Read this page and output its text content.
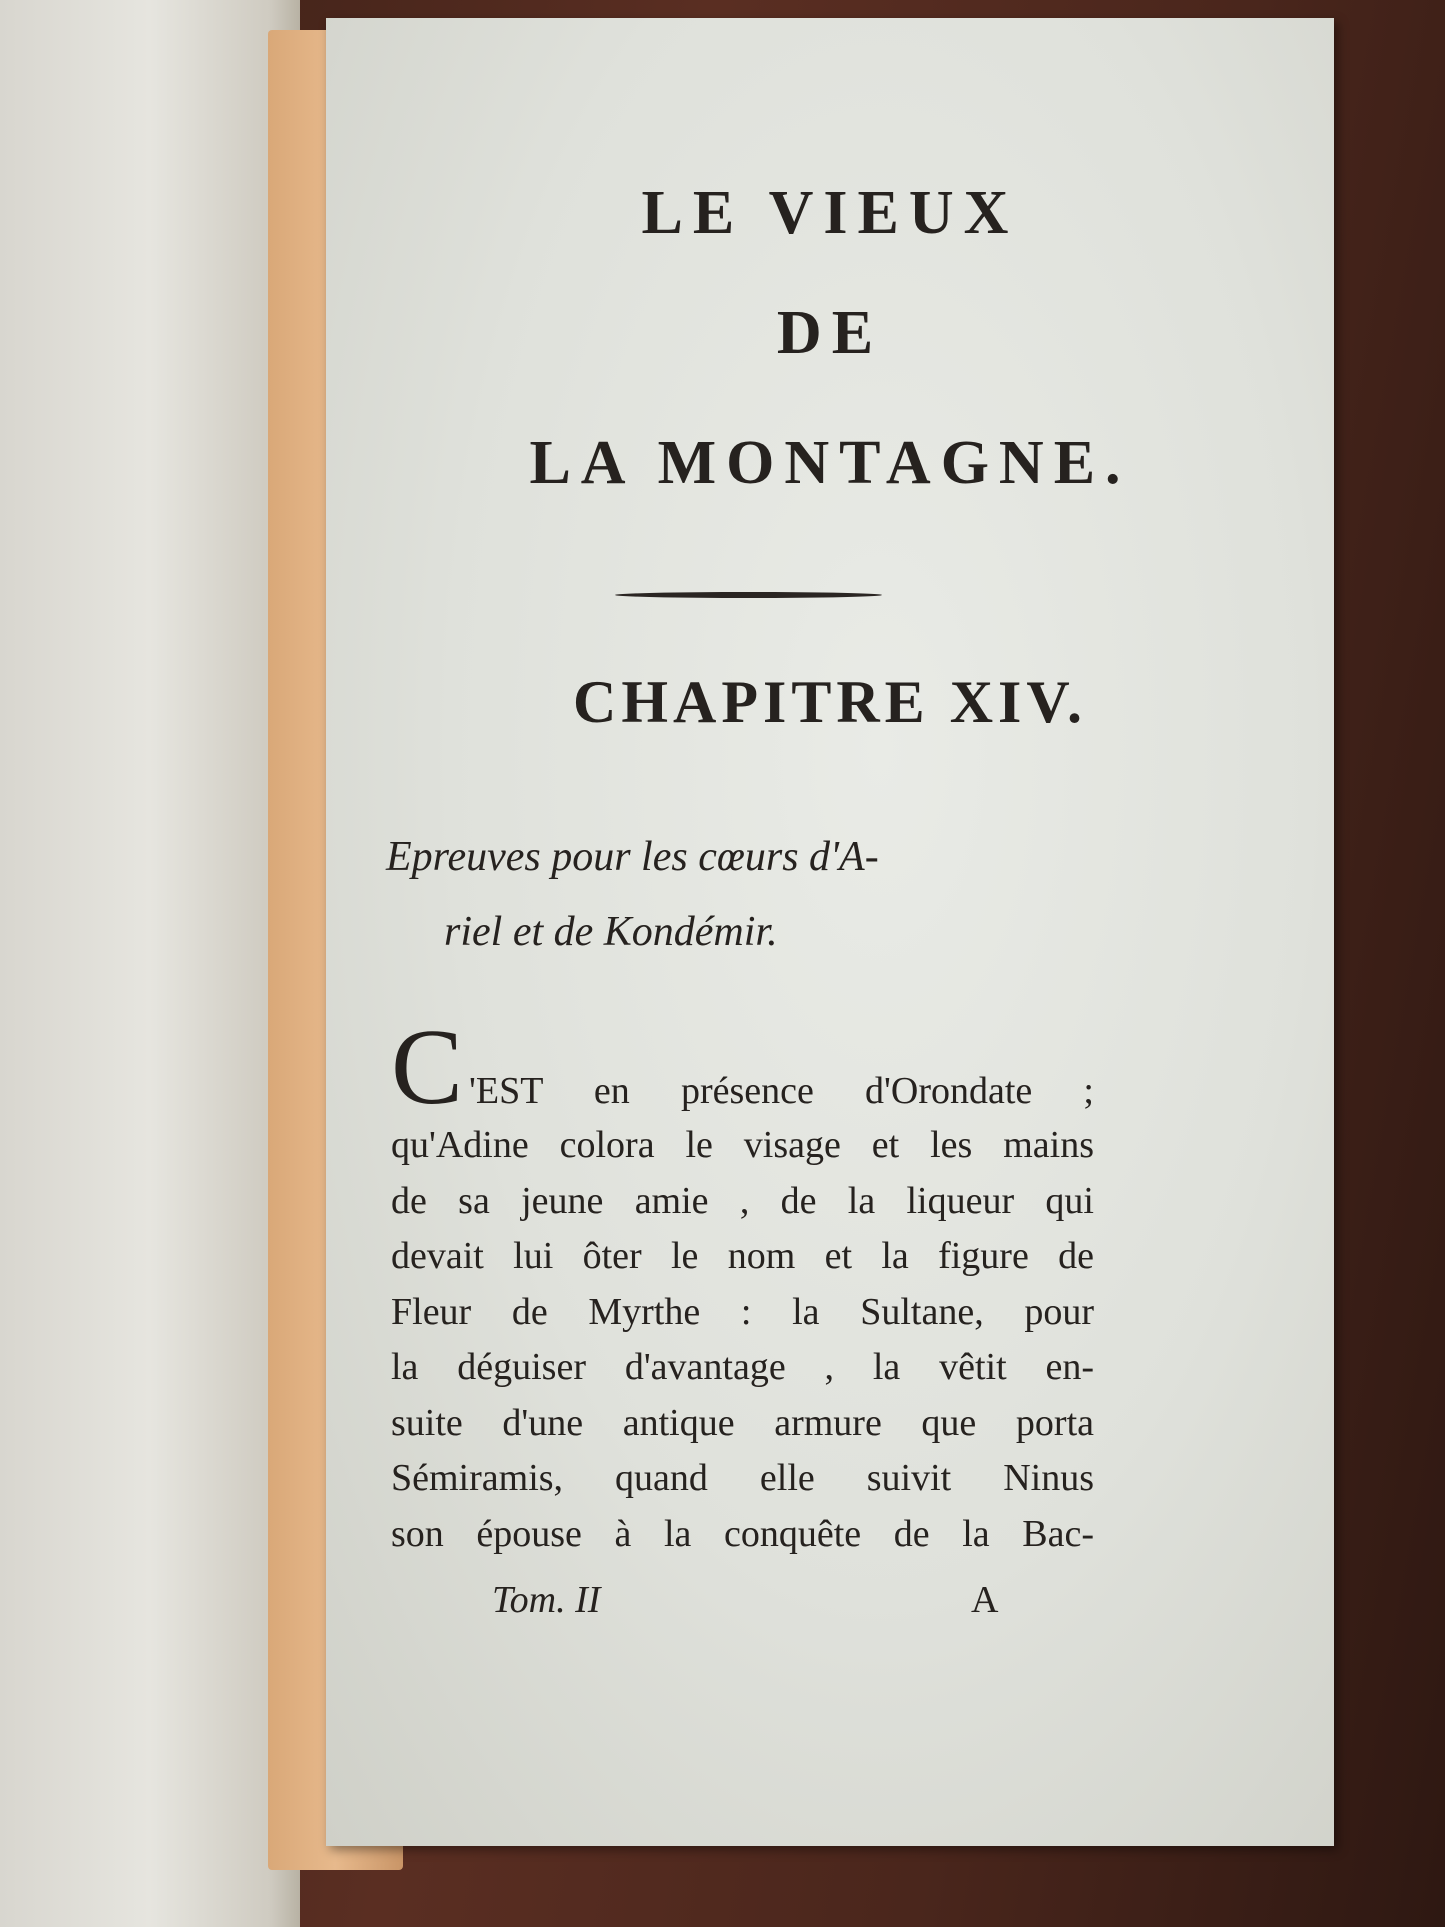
LE VIEUX
DE
LA MONTAGNE.
CHAPITRE XIV.
Epreuves pour les cœurs d'A-
riel et de Kondémir.
C 'EST en présence d'Orondate ;
qu'Adine colora le visage et les mains
de sa jeune amie , de la liqueur qui
devait lui ôter le nom et la figure de
Fleur de Myrthe : la Sultane, pour
la déguiser d'avantage , la vêtit en-
suite d'une antique armure que porta
Sémiramis, quand elle suivit Ninus
son épouse à la conquête de la Bac-
Tom. II	A
